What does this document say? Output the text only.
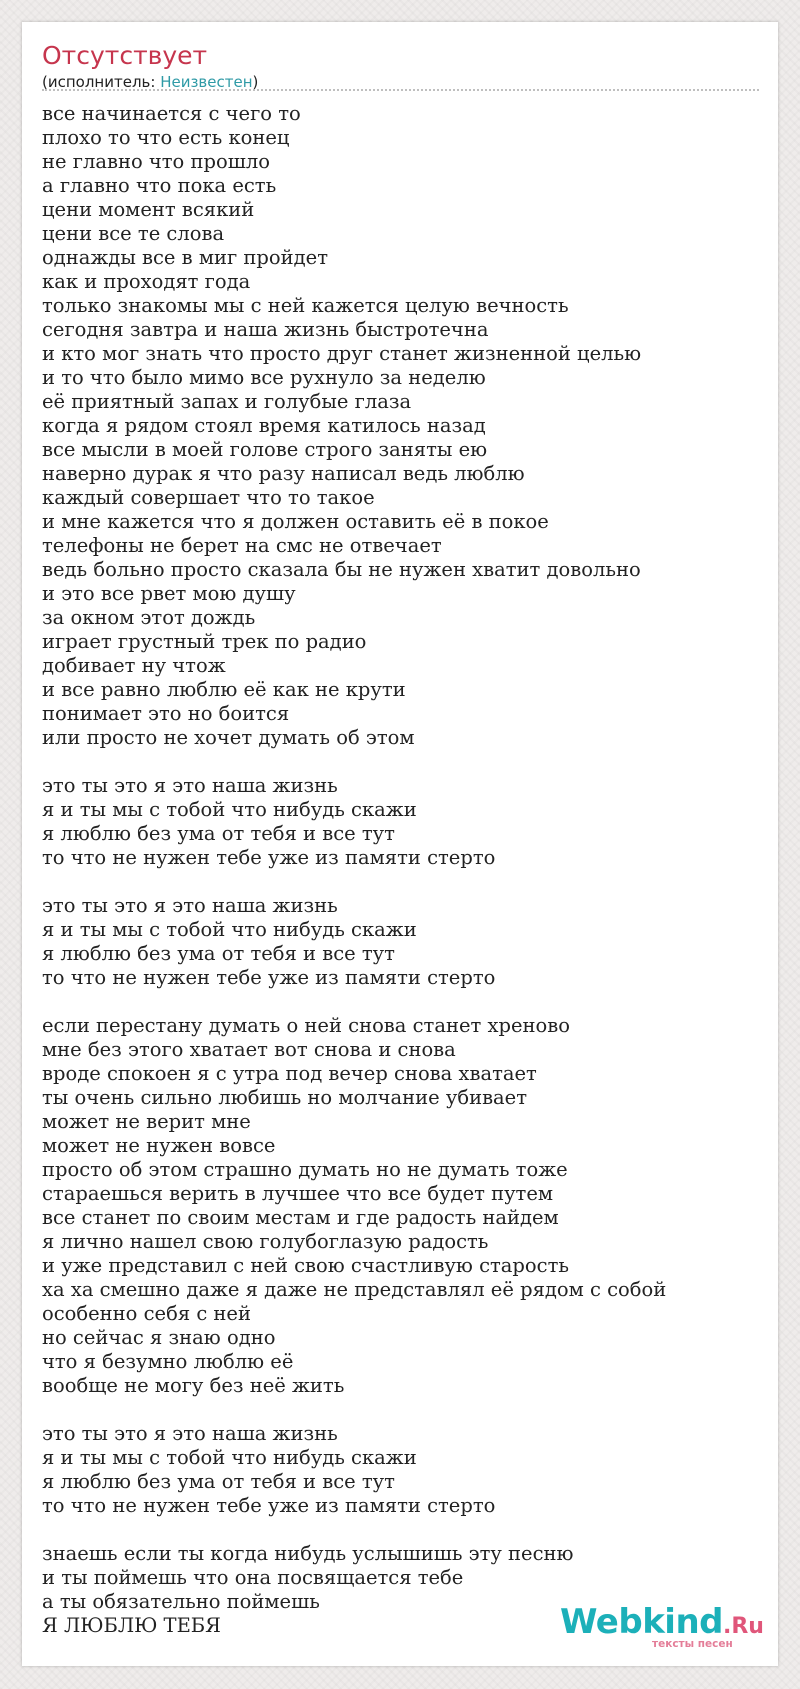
Отсутствует
(исполнитель: Неизвестен)
все начинается с чего то
плохо то что есть конец
не главно что прошло
а главно что пока есть
цени момент всякий
цени все те слова
однажды все в миг пройдет
как и проходят года
только знакомы мы с ней кажется целую вечность
сегодня завтра и наша жизнь быстротечна
и кто мог знать что просто друг станет жизненной целью
и то что было мимо все рухнуло за неделю
её приятный запах и голубые глаза
когда я рядом стоял время катилось назад
все мысли в моей голове строго заняты ею
наверно дурак я что разу написал ведь люблю
каждый совершает что то такое
и мне кажется что я должен оставить её в покое
телефоны не берет на смс не отвечает
ведь больно просто сказала бы не нужен хватит довольно
и это все рвет мою душу
за окном этот дождь
играет грустный трек по радио
добивает ну чтож
и все равно люблю её как не крути
понимает это но боится
или просто не хочет думать об этом
это ты это я это наша жизнь
я и ты мы с тобой что нибудь скажи
я люблю без ума от тебя и все тут
то что не нужен тебе уже из памяти стерто
это ты это я это наша жизнь
я и ты мы с тобой что нибудь скажи
я люблю без ума от тебя и все тут
то что не нужен тебе уже из памяти стерто
если перестану думать о ней снова станет хреново
мне без этого хватает вот снова и снова
вроде спокоен я с утра под вечер снова хватает
ты очень сильно любишь но молчание убивает
может не верит мне
может не нужен вовсе
просто об этом страшно думать но не думать тоже
стараешься верить в лучшее что все будет путем
все станет по своим местам и где радость найдем
я лично нашел свою голубоглазую радость
и уже представил с ней свою счастливую старость
ха ха смешно даже я даже не представлял её рядом с собой
особенно себя с ней
но сейчас я знаю одно
что я безумно люблю её
вообще не могу без неё жить
это ты это я это наша жизнь
я и ты мы с тобой что нибудь скажи
я люблю без ума от тебя и все тут
то что не нужен тебе уже из памяти стерто
знаешь если ты когда нибудь услышишь эту песню
и ты поймешь что она посвящается тебе
а ты обязательно поймешь
Я ЛЮБЛЮ ТЕБЯ	Webkind.Ru
тексты песен
